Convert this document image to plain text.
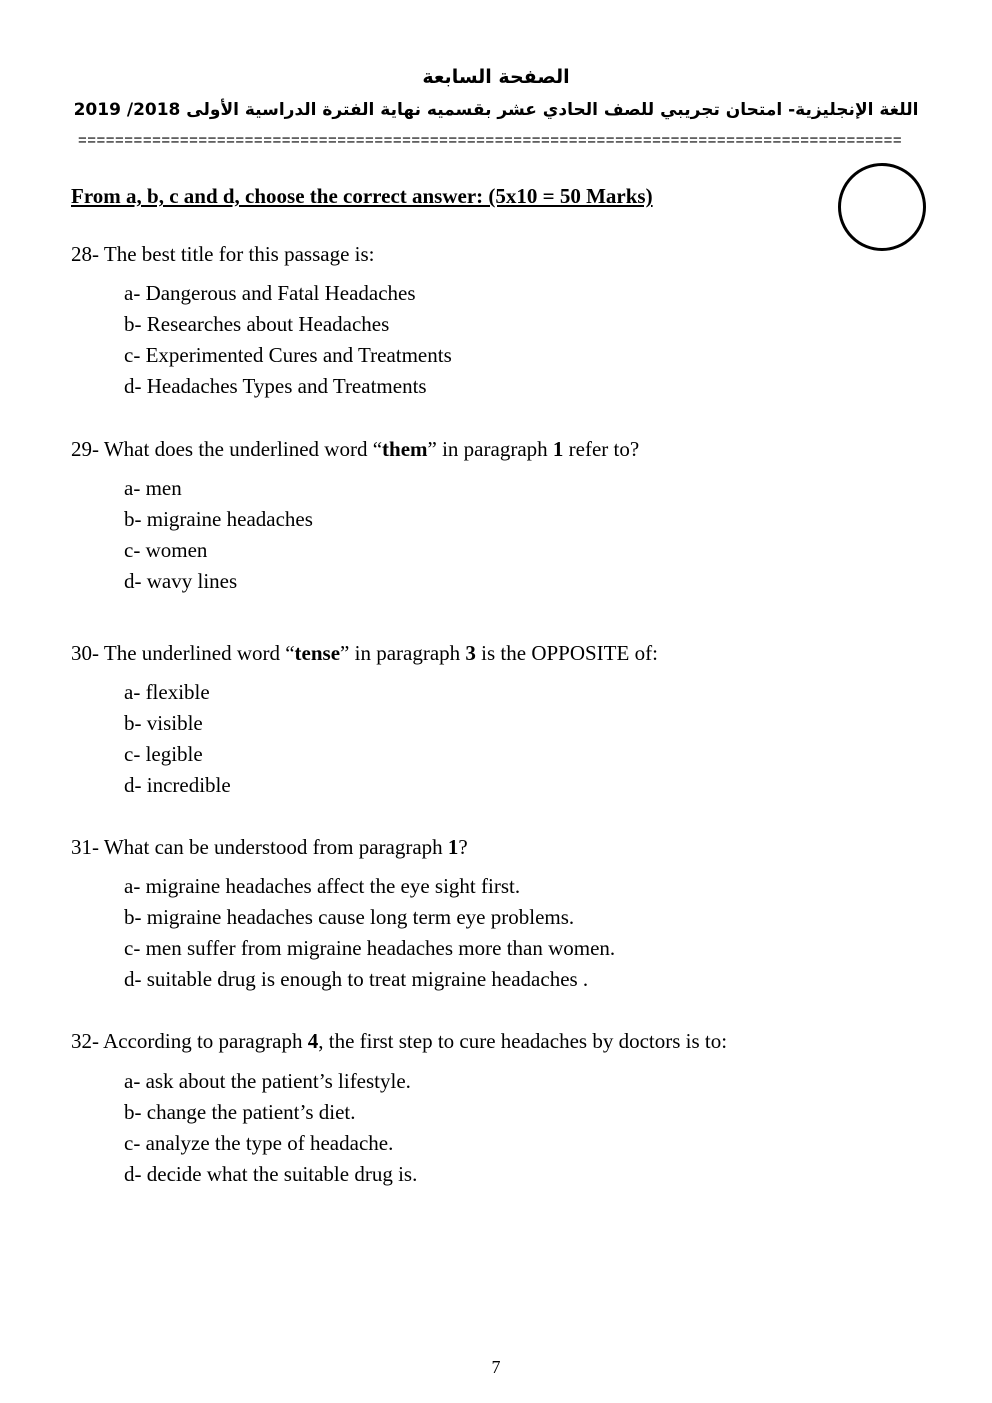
الصفحة السابعة
اللغة الإنجليزية- امتحان تجريبي للصف الحادي عشر بقسميه نهاية الفترة الدراسية الأولى 2018/ 2019
=========================================================================================
From a, b, c and d, choose the correct answer: (5x10 = 50 Marks)
28- The best title for this passage is:
a- Dangerous and Fatal Headaches
b- Researches about Headaches
c- Experimented Cures and Treatments
d- Headaches Types and Treatments
29- What does the underlined word “them” in paragraph 1 refer to?
a- men
b- migraine headaches
c- women
d- wavy lines
30- The underlined word “tense” in paragraph 3 is the OPPOSITE of:
a- flexible
b- visible
c- legible
d- incredible
31- What can be understood from paragraph 1?
a- migraine headaches affect the eye sight first.
b- migraine headaches cause long term eye problems.
c- men suffer from migraine headaches more than women.
d- suitable drug is enough to treat migraine headaches .
32- According to paragraph 4, the first step to cure headaches by doctors is to:
a- ask about the patient’s lifestyle.
b- change the patient’s diet.
c- analyze the type of headache.
d- decide what the suitable drug is.
7
